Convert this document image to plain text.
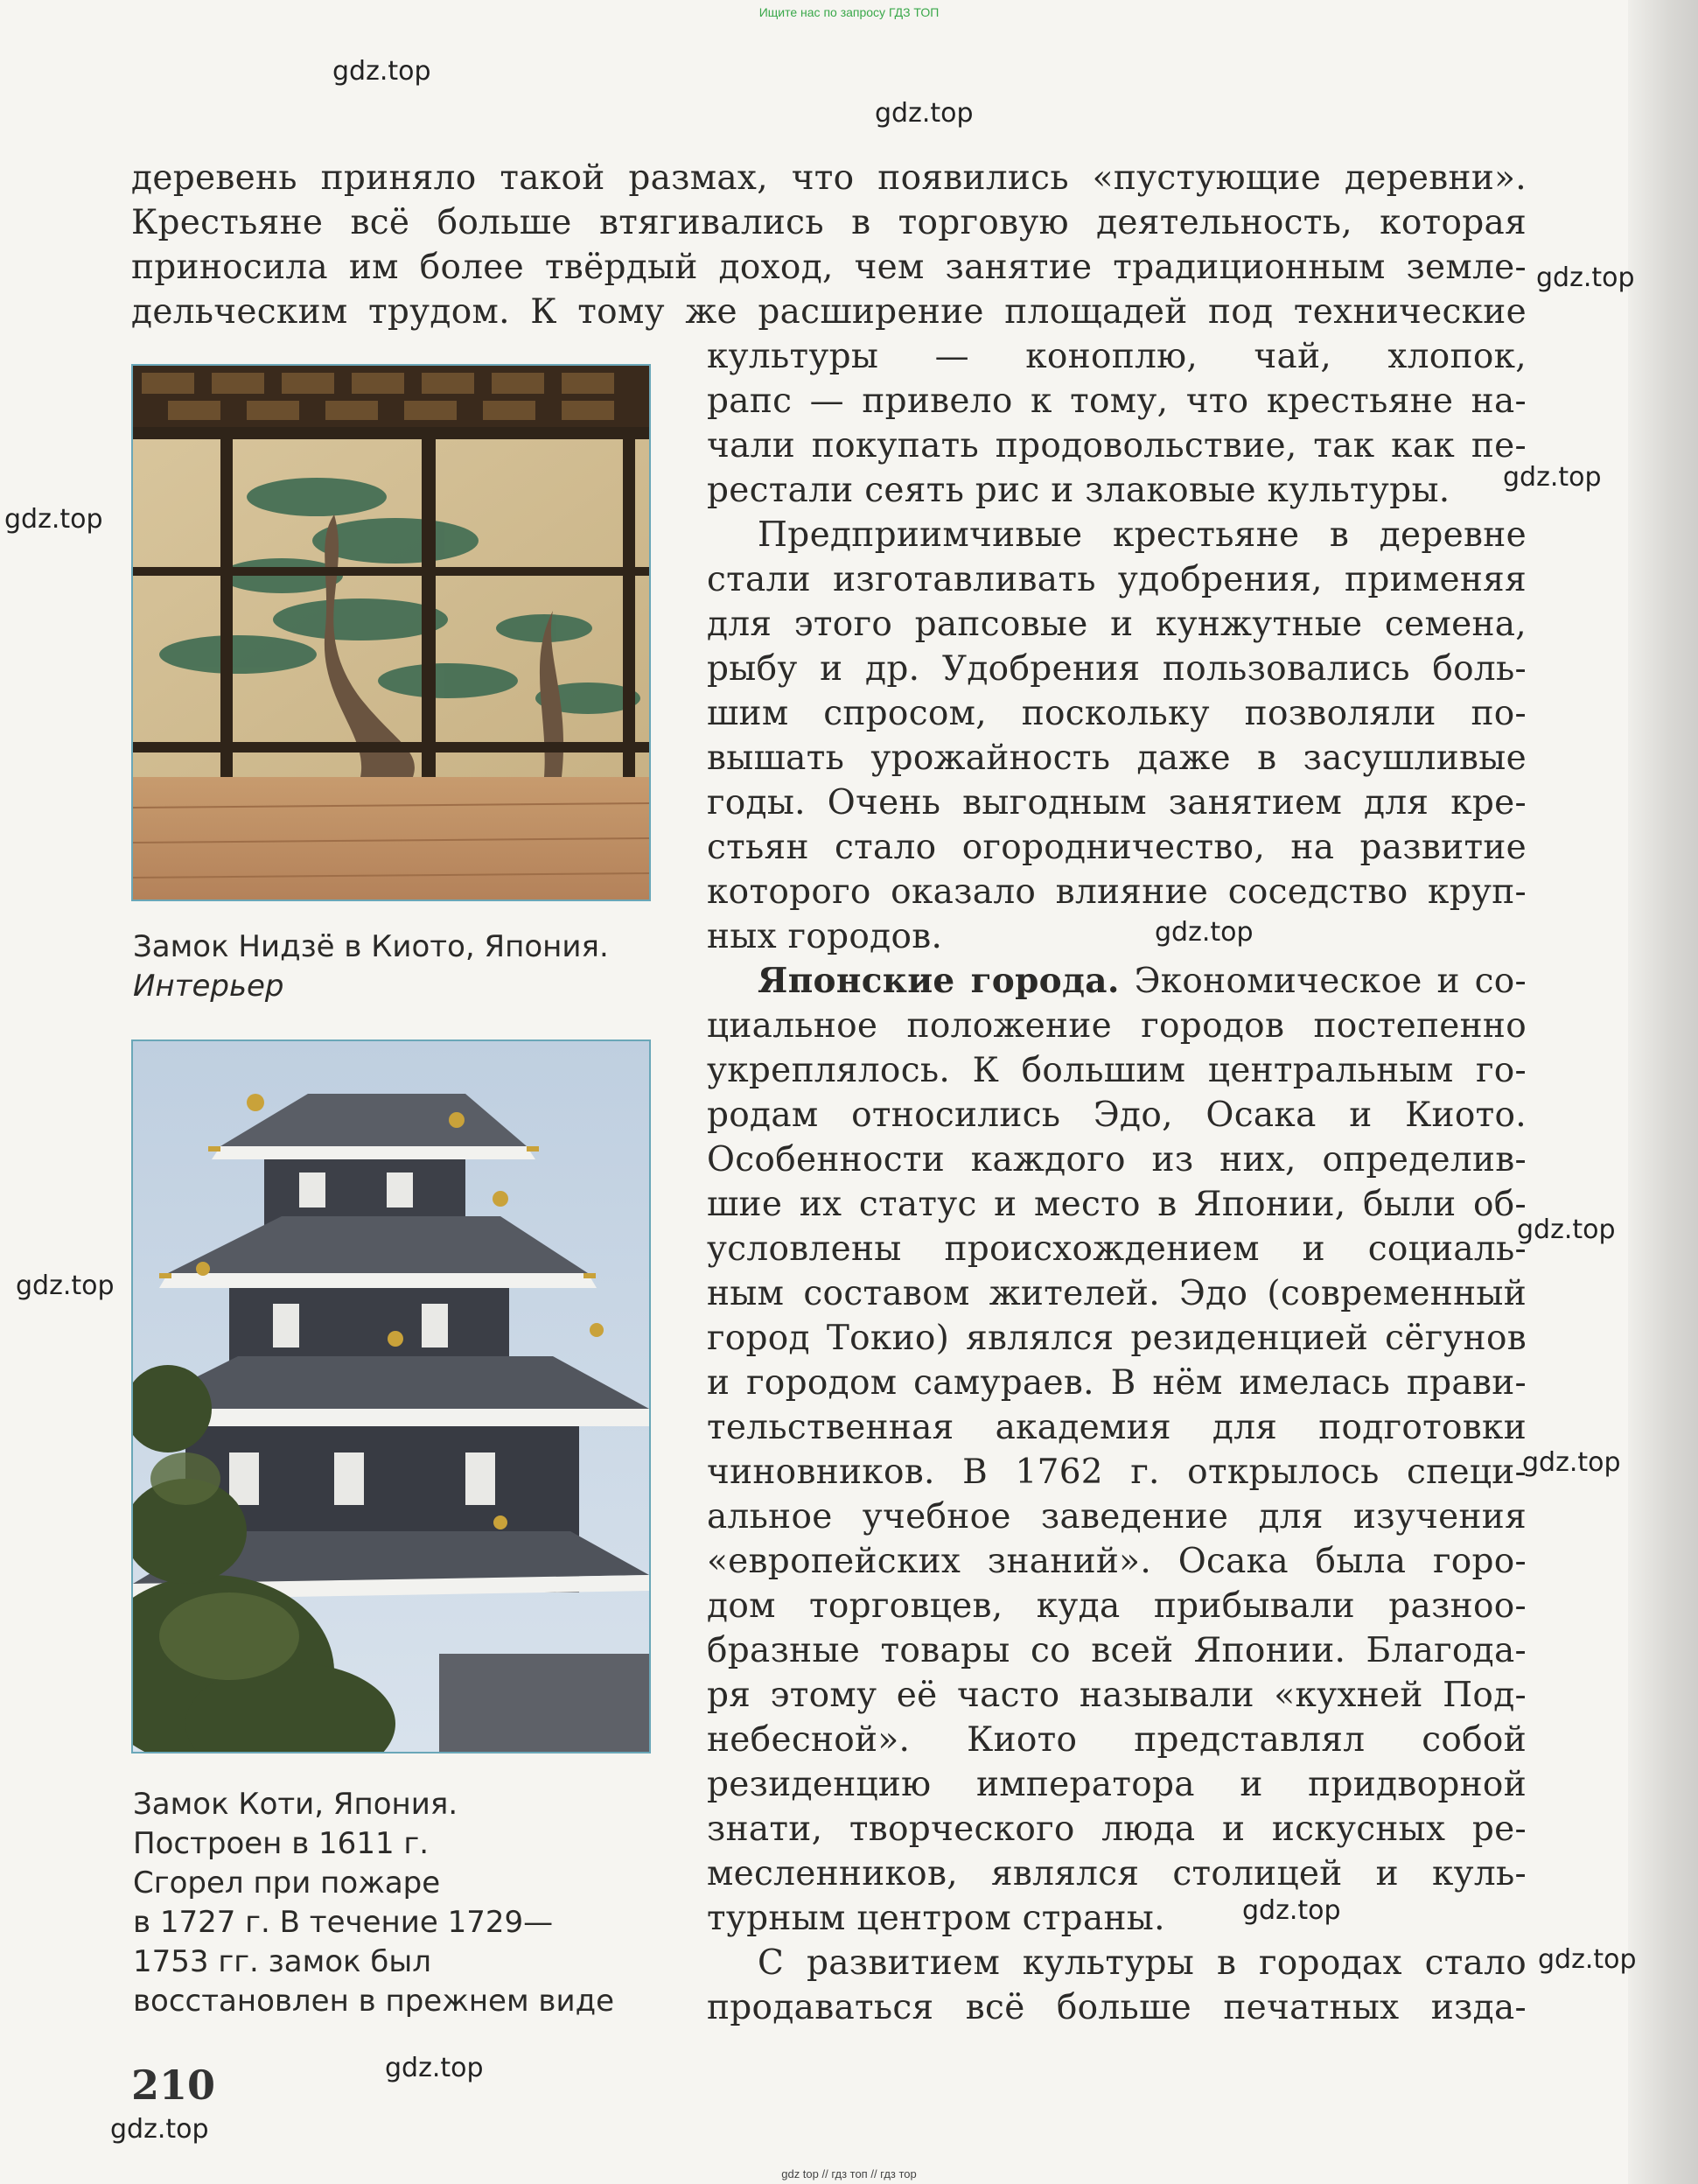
Ищите нас по запросу ГДЗ ТОП
gdz.top
gdz.top
gdz.top
gdz.top
gdz.top
gdz.top
gdz.top
gdz.top
gdz.top
gdz.top
gdz.top
gdz.top
gdz.top
деревень приняло такой размах, что появились «пустующие деревни».
Крестьяне всё больше втягивались в торговую деятельность, которая
приносила им более твёрдый доход, чем занятие традиционным земле-
дельческим трудом. К тому же расширение площадей под технические
культуры — коноплю, чай, хлопок,
рапс — привело к тому, что крестьяне на-
чали покупать продовольствие, так как пе-
рестали сеять рис и злаковые культуры.
Предприимчивые крестьяне в деревне
стали изготавливать удобрения, применяя
для этого рапсовые и кунжутные семена,
рыбу и др. Удобрения пользовались боль-
шим спросом, поскольку позволяли по-
вышать урожайность даже в засушливые
годы. Очень выгодным занятием для кре-
стьян стало огородничество, на развитие
которого оказало влияние соседство круп-
ных городов.
Японские города. Экономическое и со-
циальное положение городов постепенно
укреплялось. К большим центральным го-
родам относились Эдо, Осака и Киото.
Особенности каждого из них, определив-
шие их статус и место в Японии, были об-
условлены происхождением и социаль-
ным составом жителей. Эдо (современный
город Токио) являлся резиденцией сёгунов
и городом самураев. В нём имелась прави-
тельственная академия для подготовки
чиновников. В 1762 г. открылось специ-
альное учебное заведение для изучения
«европейских знаний». Осака была горо-
дом торговцев, куда прибывали разноо-
бразные товары со всей Японии. Благода-
ря этому её часто называли «кухней Под-
небесной». Киото представлял собой
резиденцию императора и придворной
знати, творческого люда и искусных ре-
месленников, являлся столицей и куль-
турным центром страны.
С развитием культуры в городах стало
продаваться всё больше печатных изда-
Замок Нидзё в Киото, Япония.
Интерьер
Замок Коти, Япония.
Построен в 1611 г.
Сгорел при пожаре
в 1727 г. В течение 1729—
1753 гг. замок был
восстановлен в прежнем виде
210
gdz top // гдз топ // гдз тор
